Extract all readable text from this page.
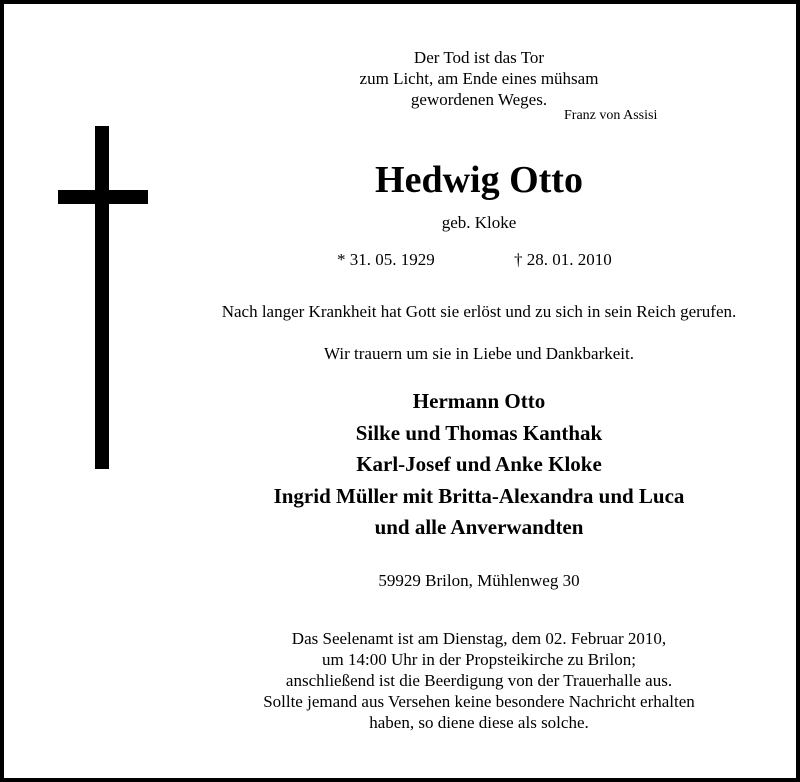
Der Tod ist das Tor
zum Licht, am Ende eines mühsam
gewordenen Weges.
Franz von Assisi
Hedwig Otto
geb. Kloke
* 31. 05. 1929	† 28. 01. 2010
Nach langer Krankheit hat Gott sie erlöst und zu sich in sein Reich gerufen.
Wir trauern um sie in Liebe und Dankbarkeit.
Hermann Otto
Silke und Thomas Kanthak
Karl-Josef und Anke Kloke
Ingrid Müller mit Britta-Alexandra und Luca
und alle Anverwandten
59929 Brilon, Mühlenweg 30
Das Seelenamt ist am Dienstag, dem 02. Februar 2010,
um 14:00 Uhr in der Propsteikirche zu Brilon;
anschließend ist die Beerdigung von der Trauerhalle aus.
Sollte jemand aus Versehen keine besondere Nachricht erhalten
haben, so diene diese als solche.
